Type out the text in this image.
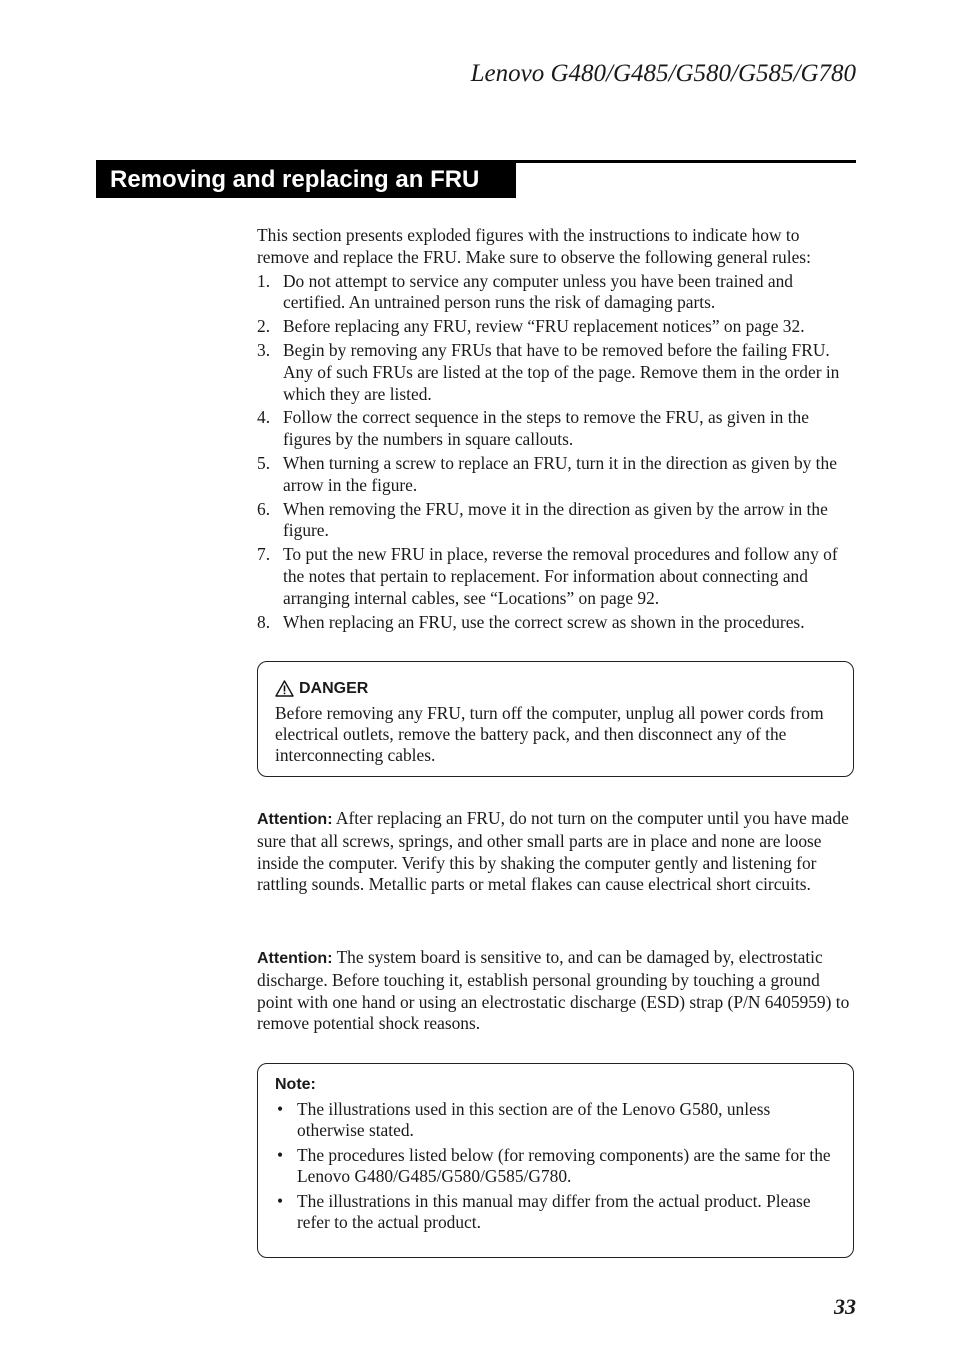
Lenovo G480/G485/G580/G585/G780
Removing and replacing an FRU

This section presents exploded figures with the instructions to indicate how to remove and replace the FRU. Make sure to observe the following general rules:

1. Do not attempt to service any computer unless you have been trained and certified. An untrained person runs the risk of damaging parts.
2. Before replacing any FRU, review “FRU replacement notices” on page 32.
3. Begin by removing any FRUs that have to be removed before the failing FRU. Any of such FRUs are listed at the top of the page. Remove them in the order in which they are listed.
4. Follow the correct sequence in the steps to remove the FRU, as given in the figures by the numbers in square callouts.
5. When turning a screw to replace an FRU, turn it in the direction as given by the arrow in the figure.
6. When removing the FRU, move it in the direction as given by the arrow in the figure.
7. To put the new FRU in place, reverse the removal procedures and follow any of the notes that pertain to replacement. For information about connecting and arranging internal cables, see “Locations” on page 92.
8. When replacing an FRU, use the correct screw as shown in the procedures.
DANGER
Before removing any FRU, turn off the computer, unplug all power cords from electrical outlets, remove the battery pack, and then disconnect any of the interconnecting cables.
Attention: After replacing an FRU, do not turn on the computer until you have made sure that all screws, springs, and other small parts are in place and none are loose inside the computer. Verify this by shaking the computer gently and listening for rattling sounds. Metallic parts or metal flakes can cause electrical short circuits.
Attention: The system board is sensitive to, and can be damaged by, electrostatic discharge. Before touching it, establish personal grounding by touching a ground point with one hand or using an electrostatic discharge (ESD) strap (P/N 6405959) to remove potential shock reasons.
Note:
• The illustrations used in this section are of the Lenovo G580, unless otherwise stated.
• The procedures listed below (for removing components) are the same for the Lenovo G480/G485/G580/G585/G780.
• The illustrations in this manual may differ from the actual product. Please refer to the actual product.
33
